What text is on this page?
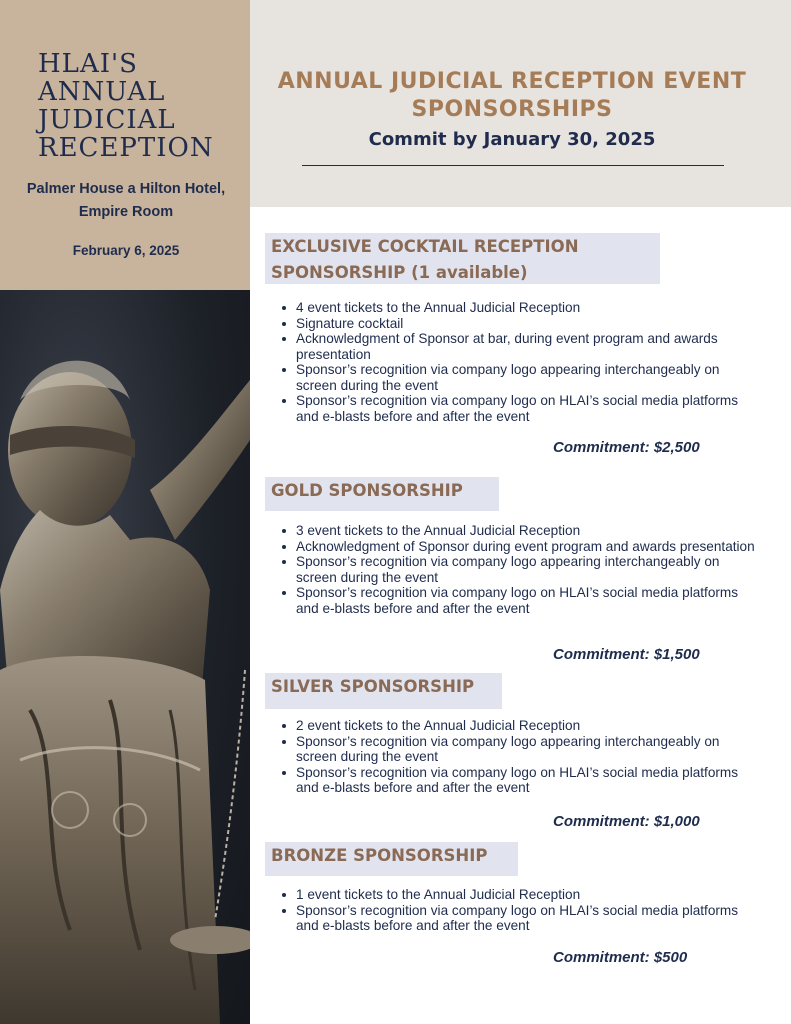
HLAI'S
ANNUAL
JUDICIAL
RECEPTION
Palmer House a Hilton Hotel,
Empire Room
February 6, 2025
ANNUAL JUDICIAL RECEPTION EVENT
SPONSORSHIPS
Commit by January 30, 2025
EXCLUSIVE COCKTAIL RECEPTION
SPONSORSHIP (1 available)
4 event tickets to the Annual Judicial Reception
Signature cocktail
Acknowledgment of Sponsor at bar, during event program and awards presentation
Sponsor’s recognition via company logo appearing interchangeably on screen during the event
Sponsor’s recognition via company logo on HLAI’s social media platforms and e-blasts before and after the event
Commitment: $2,500
GOLD SPONSORSHIP
3 event tickets to the Annual Judicial Reception
Acknowledgment of Sponsor during event program and awards presentation
Sponsor’s recognition via company logo appearing interchangeably on screen during the event
Sponsor’s recognition via company logo on HLAI’s social media platforms and e-blasts before and after the event
Commitment: $1,500
SILVER SPONSORSHIP
2 event tickets to the Annual Judicial Reception
Sponsor’s recognition via company logo appearing interchangeably on screen during the event
Sponsor’s recognition via company logo on HLAI’s social media platforms and e-blasts before and after the event
Commitment: $1,000
BRONZE SPONSORSHIP
1 event tickets to the Annual Judicial Reception
Sponsor’s recognition via company logo on HLAI’s social media platforms and e-blasts before and after the event
Commitment: $500
